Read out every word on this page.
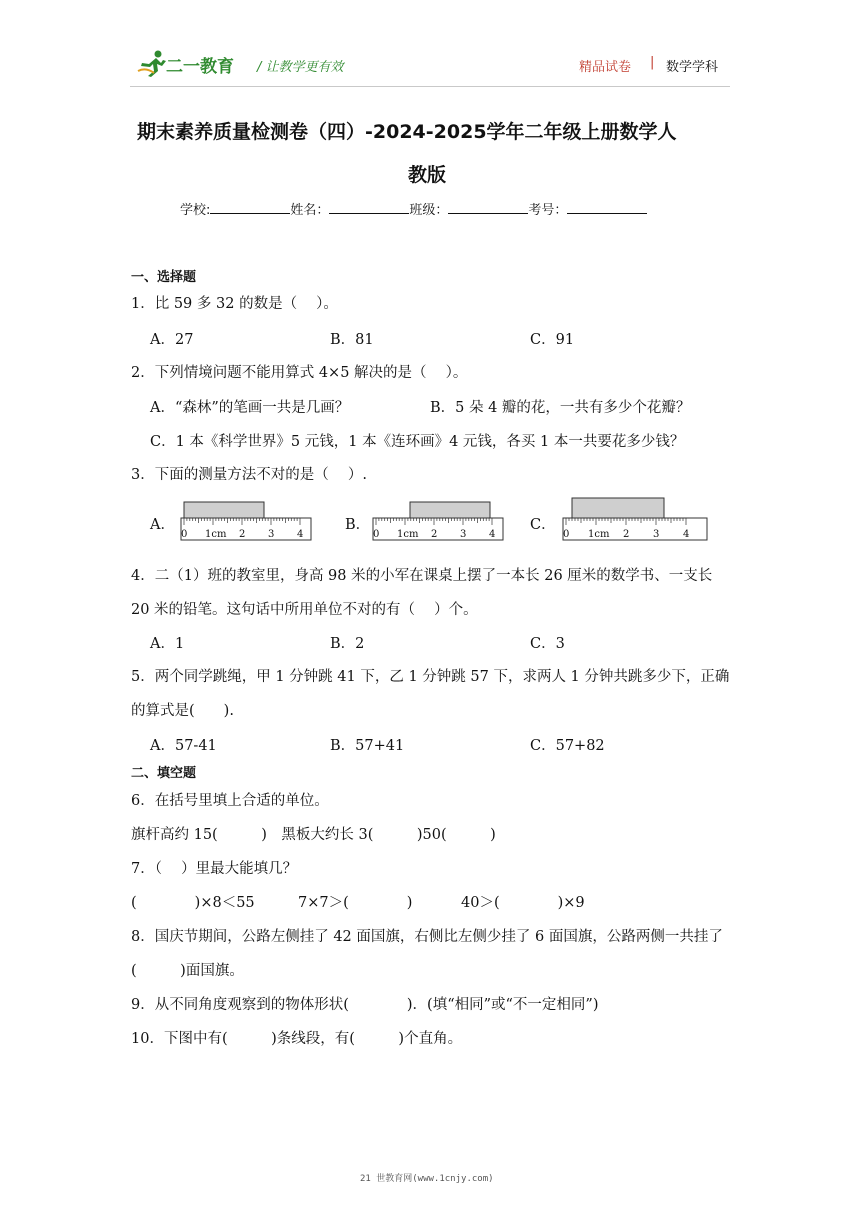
二一教育 / 让教学更有效	精品试卷 | 数学学科
期末素养质量检测卷（四）-2024-2025学年二年级上册数学人
教版
学校:	姓名：	班级：	考号：
一、选择题
1．比 59 多 32 的数是（　 ）。
A．27	B．81	C．91
2．下列情境问题不能用算式 4×5 解决的是（　 ）。
A．“森林”的笔画一共是几画？	B．5 朵 4 瓣的花，一共有多少个花瓣？
C．1 本《科学世界》5 元钱，1 本《连环画》4 元钱，各买 1 本一共要花多少钱？
3．下面的测量方法不对的是（　 ）.
A．	B．	C．
0 1cm 2 3 4	0 1cm 2 3 4	0 1cm 2 3 4
4．二（1）班的教室里，身高 98 米的小军在课桌上摆了一本长 26 厘米的数学书、一支长
20 米的铅笔。这句话中所用单位不对的有（　 ）个。
A．1	B．2	C．3
5．两个同学跳绳，甲 1 分钟跳 41 下，乙 1 分钟跳 57 下，求两人 1 分钟共跳多少下，正确
的算式是(　　).
A．57-41	B．57+41	C．57+82
二、填空题
6．在括号里填上合适的单位。
旗杆高约 15(　　　)　黑板大约长 3(　　　)50(　　　)
7．（　 ）里最大能填几？
(　　　　)×8＜55	7×7＞(　　　　)	40＞(　　　　)×9
8．国庆节期间，公路左侧挂了 42 面国旗，右侧比左侧少挂了 6 面国旗，公路两侧一共挂了
(　　　)面国旗。
9．从不同角度观察到的物体形状(　　　　)．(填“相同”或“不一定相同”)
10．下图中有(　　　)条线段，有(　　　)个直角。
21 世教育网(www.1cnjy.com)
